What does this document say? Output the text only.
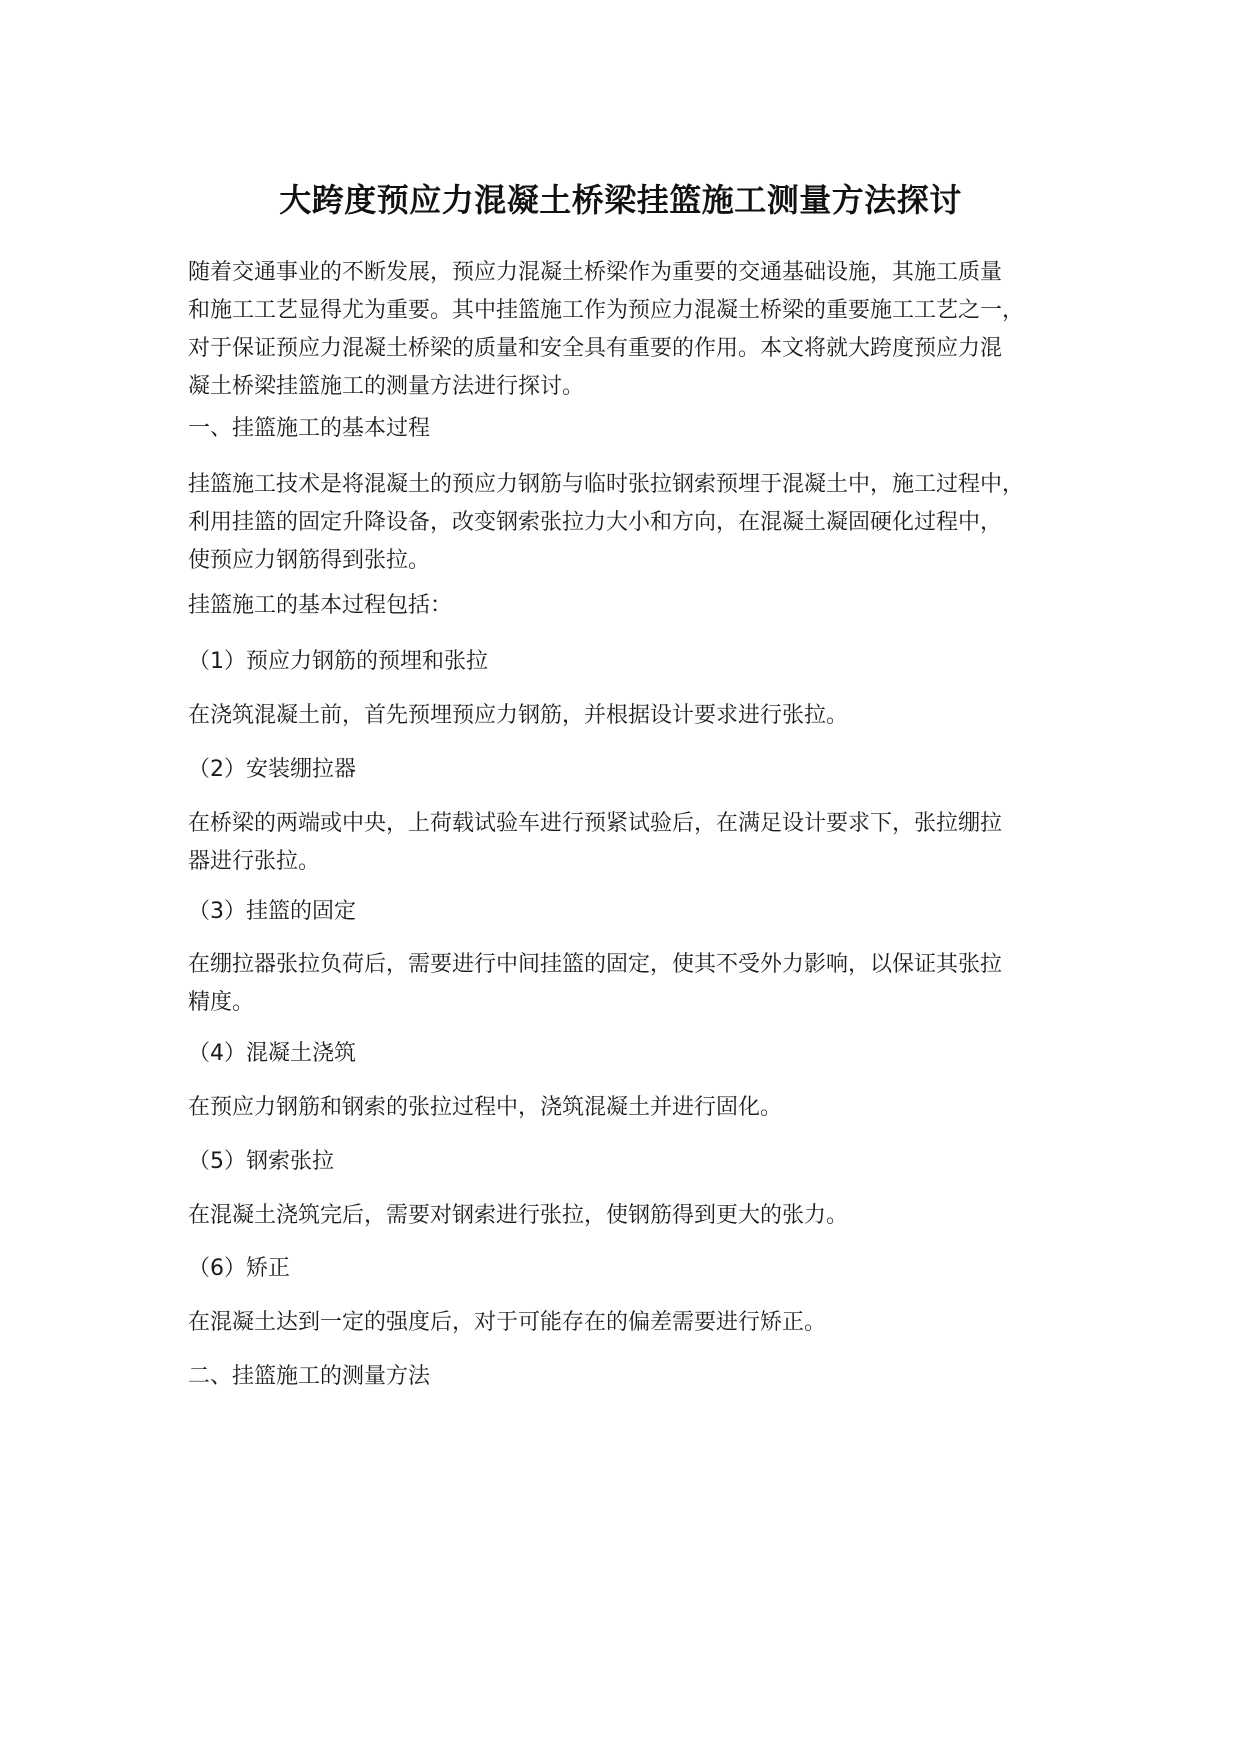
大跨度预应力混凝土桥梁挂篮施工测量方法探讨
随着交通事业的不断发展，预应力混凝土桥梁作为重要的交通基础设施，其施工质量
和施工工艺显得尤为重要。其中挂篮施工作为预应力混凝土桥梁的重要施工工艺之一，
对于保证预应力混凝土桥梁的质量和安全具有重要的作用。本文将就大跨度预应力混
凝土桥梁挂篮施工的测量方法进行探讨。
一、挂篮施工的基本过程
挂篮施工技术是将混凝土的预应力钢筋与临时张拉钢索预埋于混凝土中，施工过程中，
利用挂篮的固定升降设备，改变钢索张拉力大小和方向，在混凝土凝固硬化过程中，
使预应力钢筋得到张拉。
挂篮施工的基本过程包括：
（1）预应力钢筋的预埋和张拉
在浇筑混凝土前，首先预埋预应力钢筋，并根据设计要求进行张拉。
（2）安装绷拉器
在桥梁的两端或中央，上荷载试验车进行预紧试验后，在满足设计要求下，张拉绷拉
器进行张拉。
（3）挂篮的固定
在绷拉器张拉负荷后，需要进行中间挂篮的固定，使其不受外力影响，以保证其张拉
精度。
（4）混凝土浇筑
在预应力钢筋和钢索的张拉过程中，浇筑混凝土并进行固化。
（5）钢索张拉
在混凝土浇筑完后，需要对钢索进行张拉，使钢筋得到更大的张力。
（6）矫正
在混凝土达到一定的强度后，对于可能存在的偏差需要进行矫正。
二、挂篮施工的测量方法
